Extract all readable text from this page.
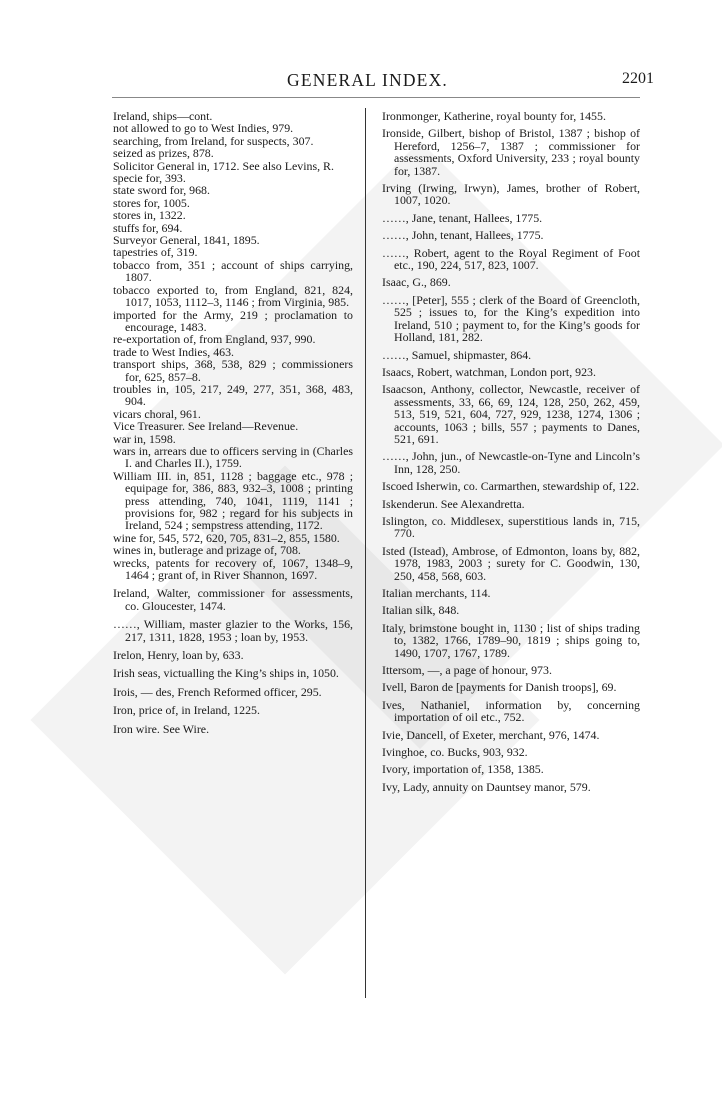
GENERAL INDEX.	2201
Ireland, ships—cont.
not allowed to go to West Indies, 979.
searching, from Ireland, for suspects, 307.
seized as prizes, 878.
Solicitor General in, 1712. See also Levins, R.
specie for, 393.
state sword for, 968.
stores for, 1005.
stores in, 1322.
stuffs for, 694.
Surveyor General, 1841, 1895.
tapestries of, 319.
tobacco from, 351 ; account of ships carrying, 1807.
tobacco exported to, from England, 821, 824, 1017, 1053, 1112–3, 1146 ; from Virginia, 985.
imported for the Army, 219 ; proclamation to encourage, 1483.
re-exportation of, from England, 937, 990.
trade to West Indies, 463.
transport ships, 368, 538, 829 ; commissioners for, 625, 857–8.
troubles in, 105, 217, 249, 277, 351, 368, 483, 904.
vicars choral, 961.
Vice Treasurer. See Ireland—Revenue.
war in, 1598.
wars in, arrears due to officers serving in (Charles I. and Charles II.), 1759.
William III. in, 851, 1128 ; baggage etc., 978 ; equipage for, 386, 883, 932–3, 1008 ; printing press attending, 740, 1041, 1119, 1141 ; provisions for, 982 ; regard for his subjects in Ireland, 524 ; sempstress attending, 1172.
wine for, 545, 572, 620, 705, 831–2, 855, 1580.
wines in, butlerage and prizage of, 708.
wrecks, patents for recovery of, 1067, 1348–9, 1464 ; grant of, in River Shannon, 1697.
Ireland, Walter, commissioner for assessments, co. Gloucester, 1474.
……, William, master glazier to the Works, 156, 217, 1311, 1828, 1953 ; loan by, 1953.
Irelon, Henry, loan by, 633.
Irish seas, victualling the King’s ships in, 1050.
Irois, — des, French Reformed officer, 295.
Iron, price of, in Ireland, 1225.
Iron wire. See Wire.
Ironmonger, Katherine, royal bounty for, 1455.
Ironside, Gilbert, bishop of Bristol, 1387 ; bishop of Hereford, 1256–7, 1387 ; commissioner for assessments, Oxford University, 233 ; royal bounty for, 1387.
Irving (Irwing, Irwyn), James, brother of Robert, 1007, 1020.
……, Jane, tenant, Hallees, 1775.
……, John, tenant, Hallees, 1775.
……, Robert, agent to the Royal Regiment of Foot etc., 190, 224, 517, 823, 1007.
Isaac, G., 869.
……, [Peter], 555 ; clerk of the Board of Greencloth, 525 ; issues to, for the King’s expedition into Ireland, 510 ; payment to, for the King’s goods for Holland, 181, 282.
……, Samuel, shipmaster, 864.
Isaacs, Robert, watchman, London port, 923.
Isaacson, Anthony, collector, Newcastle, receiver of assessments, 33, 66, 69, 124, 128, 250, 262, 459, 513, 519, 521, 604, 727, 929, 1238, 1274, 1306 ; accounts, 1063 ; bills, 557 ; payments to Danes, 521, 691.
……, John, jun., of Newcastle-on-Tyne and Lincoln’s Inn, 128, 250.
Iscoed Isherwin, co. Carmarthen, stewardship of, 122.
Iskenderun. See Alexandretta.
Islington, co. Middlesex, superstitious lands in, 715, 770.
Isted (Istead), Ambrose, of Edmonton, loans by, 882, 1978, 1983, 2003 ; surety for C. Goodwin, 130, 250, 458, 568, 603.
Italian merchants, 114.
Italian silk, 848.
Italy, brimstone bought in, 1130 ; list of ships trading to, 1382, 1766, 1789–90, 1819 ; ships going to, 1490, 1707, 1767, 1789.
Ittersom, —, a page of honour, 973.
Ivell, Baron de [payments for Danish troops], 69.
Ives, Nathaniel, information by, concerning importation of oil etc., 752.
Ivie, Dancell, of Exeter, merchant, 976, 1474.
Ivinghoe, co. Bucks, 903, 932.
Ivory, importation of, 1358, 1385.
Ivy, Lady, annuity on Dauntsey manor, 579.
